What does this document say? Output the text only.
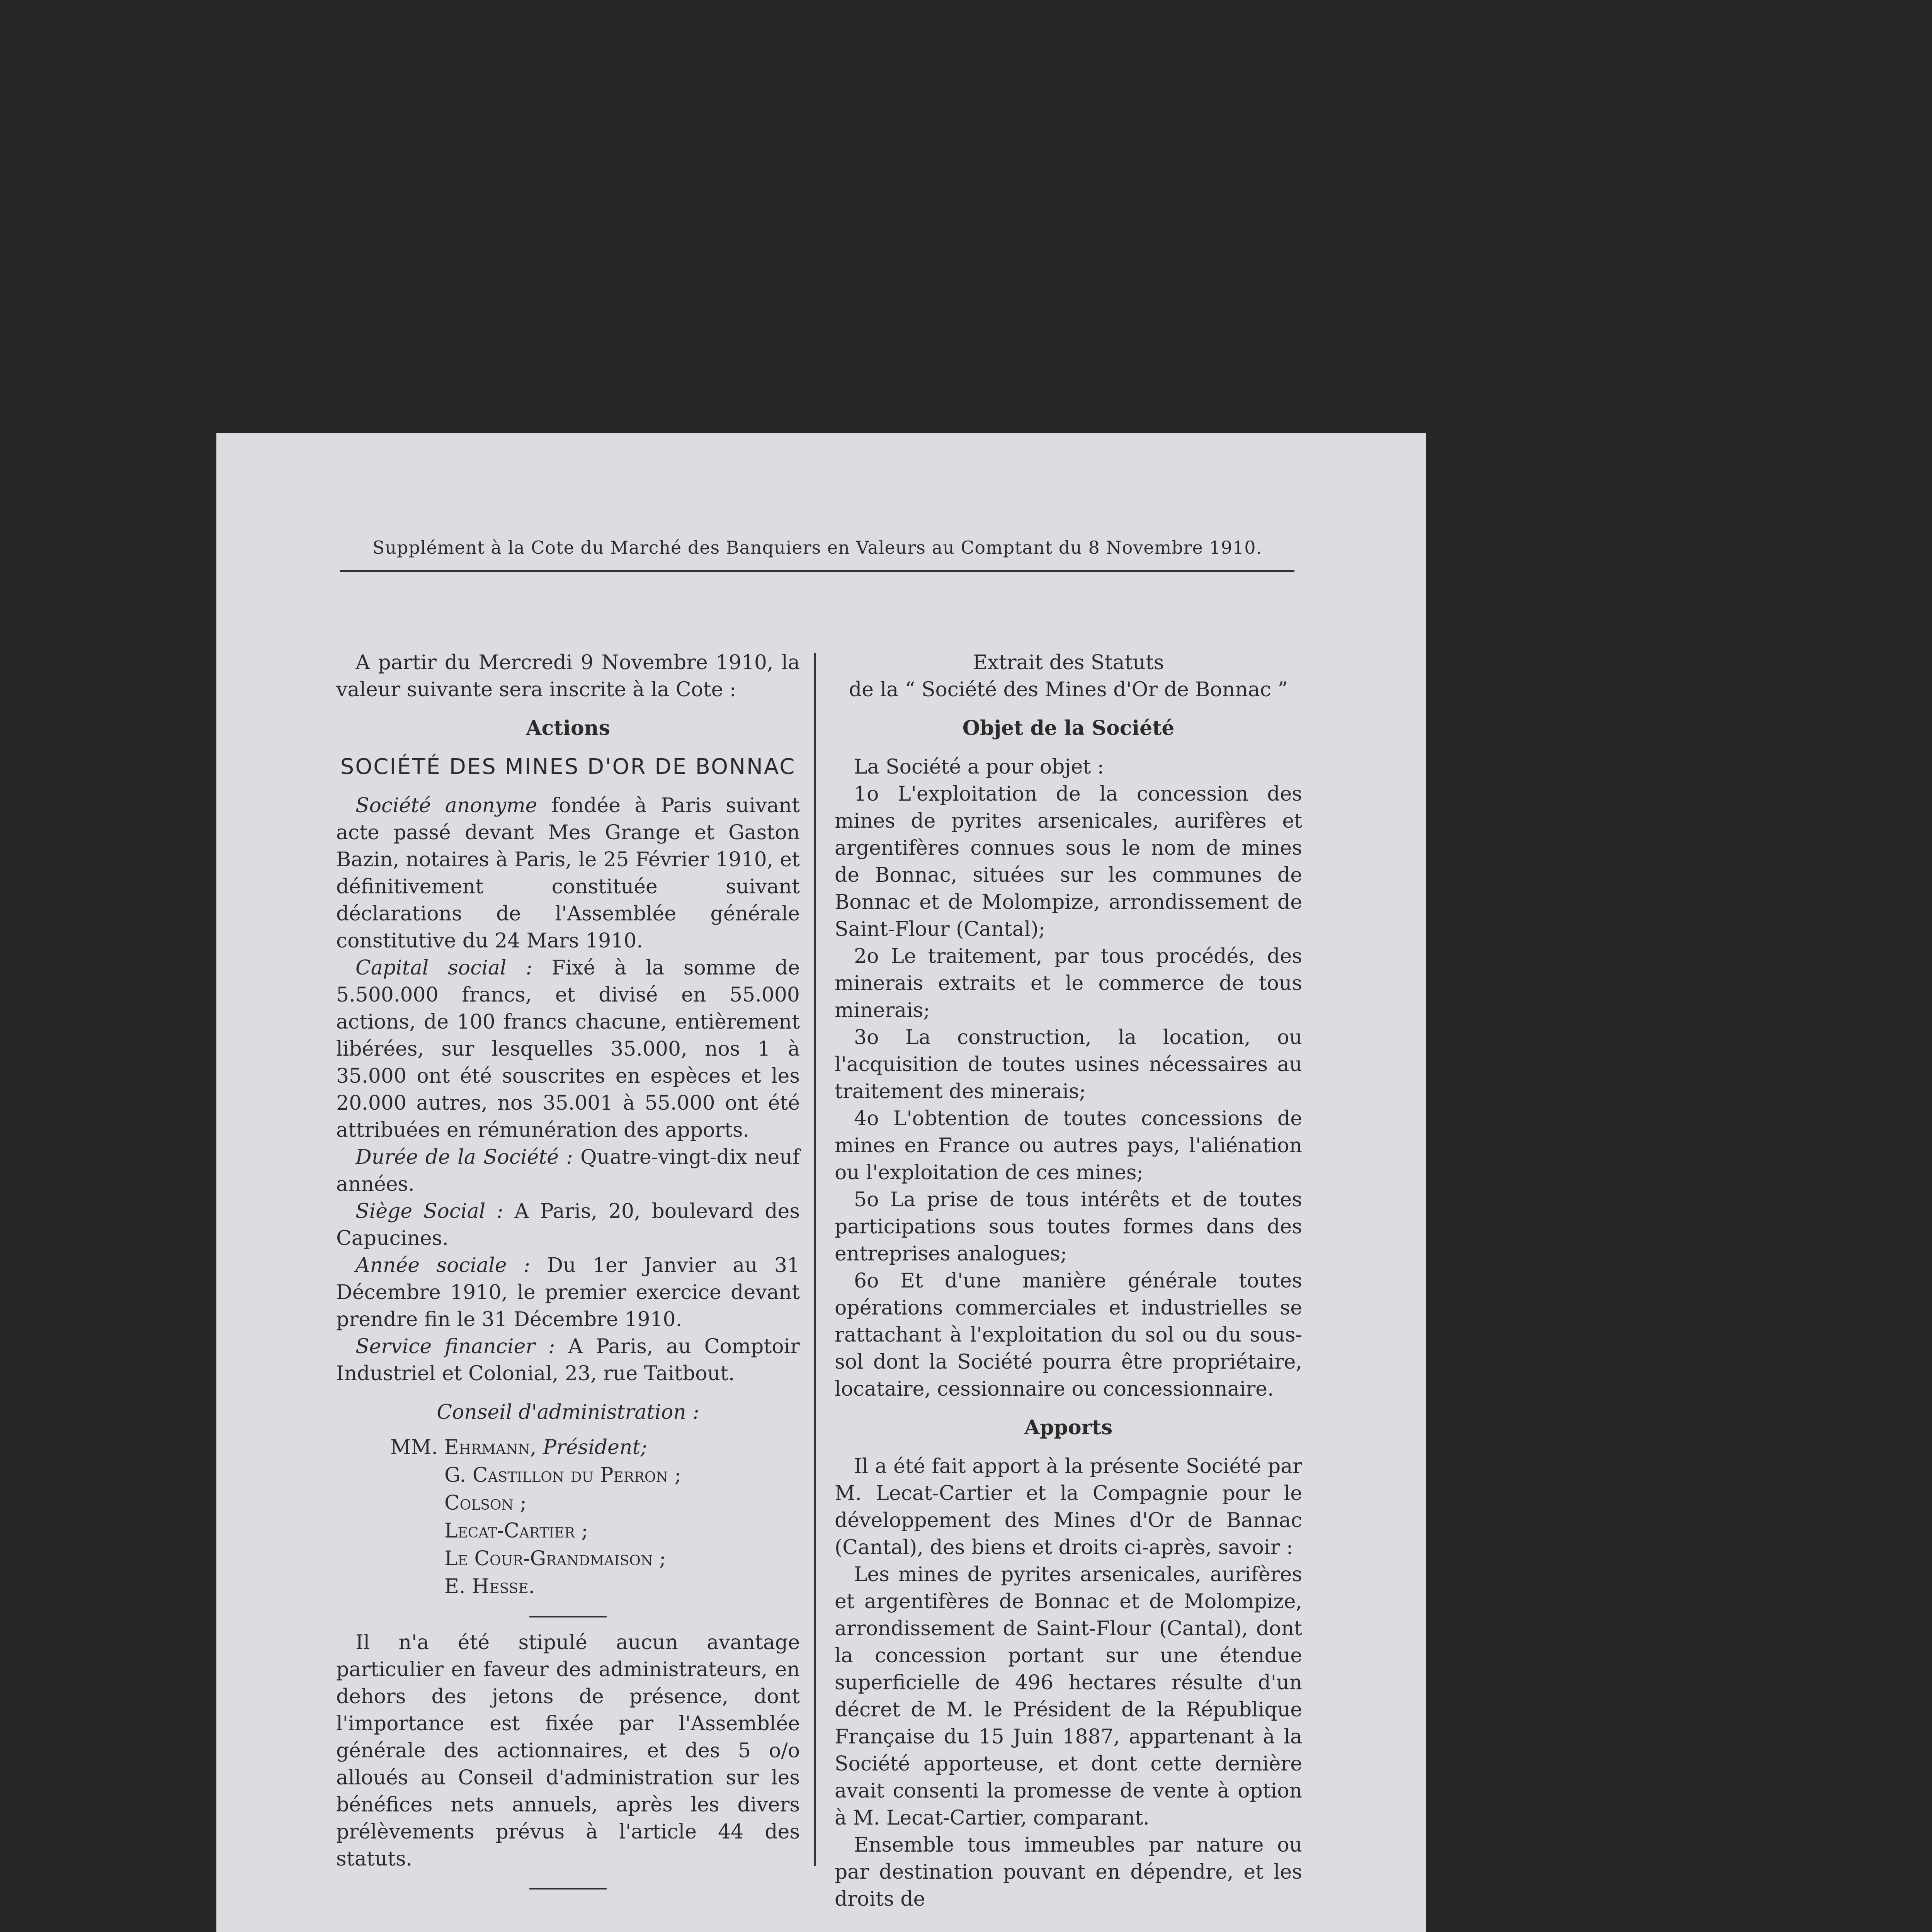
Supplément à la Cote du Marché des Banquiers en Valeurs au Comptant du 8 Novembre 1910.

A partir du Mercredi 9 Novembre 1910, la valeur suivante sera inscrite à la Cote :

Actions
SOCIÉTÉ DES MINES D'OR DE BONNAC

Société anonyme fondée à Paris suivant acte passé devant Mes Grange et Gaston Bazin, notaires à Paris, le 25 Février 1910, et définitivement constituée suivant déclarations de l'Assemblée générale constitutive du 24 Mars 1910.

Capital social : Fixé à la somme de 5.500.000 francs, et divisé en 55.000 actions, de 100 francs chacune, entièrement libérées, sur lesquelles 35.000, nos 1 à 35.000 ont été souscrites en espèces et les 20.000 autres, nos 35.001 à 55.000 ont été attribuées en rémunération des apports.

Durée de la Société : Quatre-vingt-dix neuf années.

Siège Social : A Paris, 20, boulevard des Capucines.

Année sociale : Du 1er Janvier au 31 Décembre 1910, le premier exercice devant prendre fin le 31 Décembre 1910.

Service financier : A Paris, au Comptoir Industriel et Colonial, 23, rue Taitbout.

Conseil d'administration :
MM. Ehrmann, Président;
G. Castillon du Perron ;
Colson ;
Lecat-Cartier ;
Le Cour-Grandmaison ;
E. Hesse.

Il n'a été stipulé aucun avantage particulier en faveur des administrateurs, en dehors des jetons de présence, dont l'importance est fixée par l'Assemblée générale des actionnaires, et des 5 o/o alloués au Conseil d'administration sur les bénéfices nets annuels, après les divers prélèvements prévus à l'article 44 des statuts.

Extrait des Statuts
de la “ Société des Mines d'Or de Bonnac ”
Objet de la Société

La Société a pour objet :

1o L'exploitation de la concession des mines de pyrites arsenicales, aurifères et argentifères connues sous le nom de mines de Bonnac, situées sur les communes de Bonnac et de Molompize, arrondissement de Saint-Flour (Cantal);

2o Le traitement, par tous procédés, des minerais extraits et le commerce de tous minerais;

3o La construction, la location, ou l'acquisition de toutes usines nécessaires au traitement des minerais;

4o L'obtention de toutes concessions de mines en France ou autres pays, l'aliénation ou l'exploitation de ces mines;

5o La prise de tous intérêts et de toutes participations sous toutes formes dans des entreprises analogues;

6o Et d'une manière générale toutes opérations commerciales et industrielles se rattachant à l'exploitation du sol ou du sous-sol dont la Société pourra être propriétaire, locataire, cessionnaire ou concessionnaire.

Apports

Il a été fait apport à la présente Société par M. Lecat-Cartier et la Compagnie pour le développement des Mines d'Or de Bannac (Cantal), des biens et droits ci-après, savoir :

Les mines de pyrites arsenicales, aurifères et argentifères de Bonnac et de Molompize, arrondissement de Saint-Flour (Cantal), dont la concession portant sur une étendue superficielle de 496 hectares résulte d'un décret de M. le Président de la République Française du 15 Juin 1887, appartenant à la Société apporteuse, et dont cette dernière avait consenti la promesse de vente à option à M. Lecat-Cartier, comparant.

Ensemble tous immeubles par nature ou par destination pouvant en dépendre, et les droits de
